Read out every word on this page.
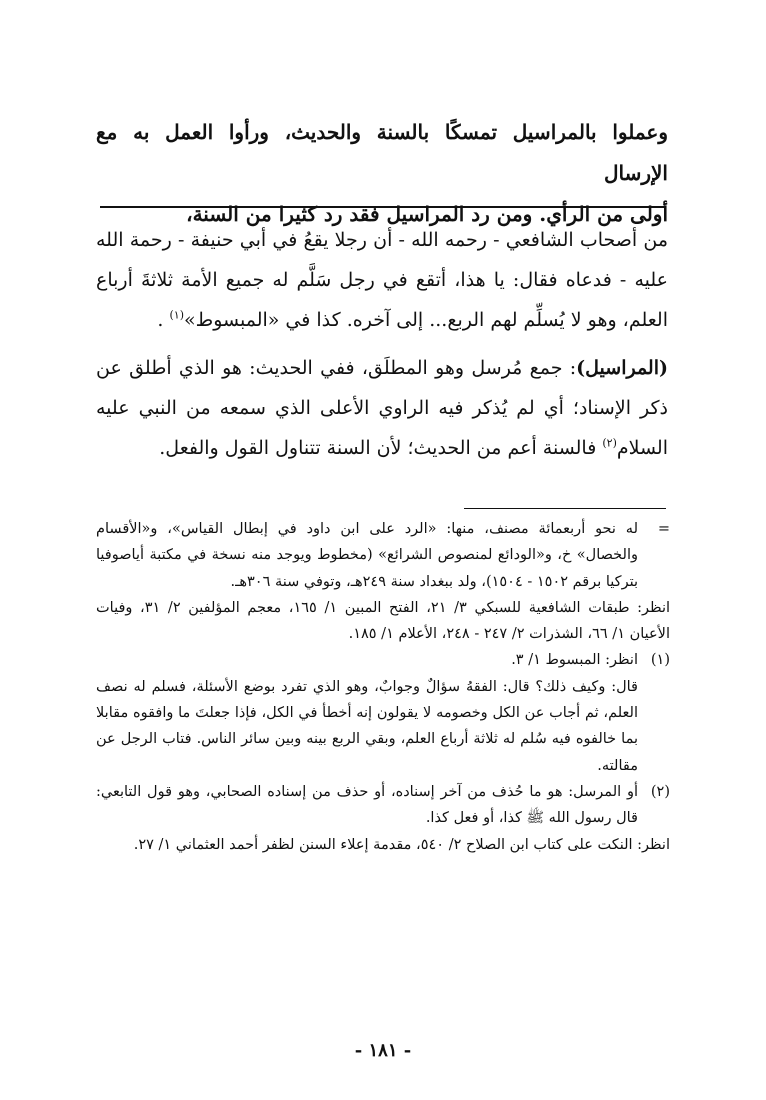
وعملوا بالمراسيل تمسكًا بالسنة والحديث، ورأوا العمل به مع الإرسال
أولى من الرأي. ومن رد المراسيل فقد رد كثيرا من السنة،

من أصحاب الشافعي - رحمه الله - أن رجلا يقعُ في أبي حنيفة - رحمة الله عليه - فدعاه فقال: يا هذا، أتقع في رجل سَلَّم له جميع الأمة ثلاثةَ أرباع العلم، وهو لا يُسلِّم لهم الربع... إلى آخره. كذا في «المبسوط»$^{(١)}$ .

(المراسيل): جمع مُرسل وهو المطلَق، ففي الحديث: هو الذي أطلق عن ذكر الإسناد؛ أي لم يُذكر فيه الراوي الأعلى الذي سمعه من النبي عليه السلام$^{(٢)}$ فالسنة أعم من الحديث؛ لأن السنة تتناول القول والفعل.

=
له نحو أربعمائة مصنف، منها: «الرد على ابن داود في إبطال القياس»، و«الأقسام والخصال» خ، و«الودائع لمنصوص الشرائع» (مخطوط ويوجد منه نسخة في مكتبة أياصوفيا بتركيا برقم ١٥٠٢ - ١٥٠٤)، ولد ببغداد سنة ٢٤٩هـ، وتوفي سنة ٣٠٦هـ.

انظر: طبقات الشافعية للسبكي ٣/ ٢١، الفتح المبين ١/ ١٦٥، معجم المؤلفين ٢/ ٣١، وفيات الأعيان ١/ ٦٦، الشذرات ٢/ ٢٤٧ - ٢٤٨، الأعلام ١/ ١٨٥.

(١)
انظر: المبسوط ١/ ٣.

قال: وكيف ذلك؟ قال: الفقهُ سؤالٌ وجوابٌ، وهو الذي تفرد بوضع الأسئلة، فسلم له نصف العلم، ثم أجاب عن الكل وخصومه لا يقولون إنه أخطأ في الكل، فإذا جعلتَ ما وافقوه مقابلا بما خالفوه فيه سُلم له ثلاثة أرباع العلم، وبقي الربع بينه وبين سائر الناس. فتاب الرجل عن مقالته.

(٢)
أو المرسل: هو ما حُذف من آخر إسناده، أو حذف من إسناده الصحابي، وهو قول التابعي: قال رسول الله ﷺ كذا، أو فعل كذا.

انظر: النكت على كتاب ابن الصلاح ٢/ ٥٤٠، مقدمة إعلاء السنن لظفر أحمد العثماني ١/ ٢٧.

- ١٨١ -
